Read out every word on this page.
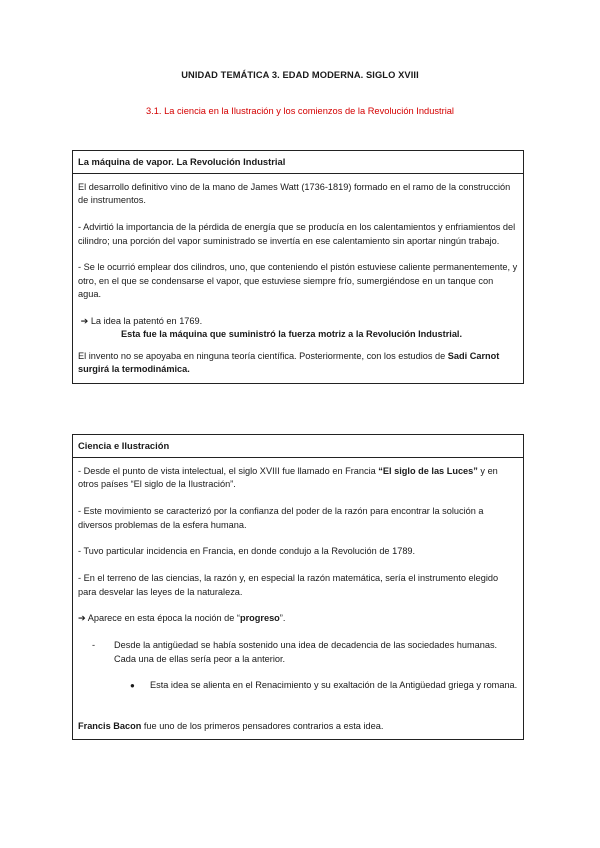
UNIDAD TEMÁTICA 3. EDAD MODERNA. SIGLO XVIII
3.1. La ciencia en la Ilustración y los comienzos de la Revolución Industrial
La máquina de vapor. La Revolución Industrial

El desarrollo definitivo vino de la mano de James Watt (1736-1819) formado en el ramo de la construcción de instrumentos.

- Advirtió la importancia de la pérdida de energía que se producía en los calentamientos y enfriamientos del cilindro; una porción del vapor suministrado se invertía en ese calentamiento sin aportar ningún trabajo.

- Se le ocurrió emplear dos cilindros, uno, que conteniendo el pistón estuviese caliente permanentemente, y otro, en el que se condensarse el vapor, que estuviese siempre frío, sumergiéndose en un tanque con agua.

➔ La idea la patentó en 1769.

Esta fue la máquina que suministró la fuerza motriz a la Revolución Industrial.

El invento no se apoyaba en ninguna teoría científica. Posteriormente, con los estudios de Sadi Carnot surgirá la termodinámica.

Ciencia e Ilustración

- Desde el punto de vista intelectual, el siglo XVIII fue llamado en Francia “El siglo de las Luces” y en otros países “El siglo de la Ilustración”.

- Este movimiento se caracterizó por la confianza del poder de la razón para encontrar la solución a diversos problemas de la esfera humana.

- Tuvo particular incidencia en Francia, en donde condujo a la Revolución de 1789.

- En el terreno de las ciencias, la razón y, en especial la razón matemática, sería el instrumento elegido para desvelar las leyes de la naturaleza.

➔ Aparece en esta época la noción de “progreso”.

- Desde la antigüedad se había sostenido una idea de decadencia de las sociedades humanas. Cada una de ellas sería peor a la anterior.

● Esta idea se alienta en el Renacimiento y su exaltación de la Antigüedad griega y romana.

Francis Bacon fue uno de los primeros pensadores contrarios a esta idea.
